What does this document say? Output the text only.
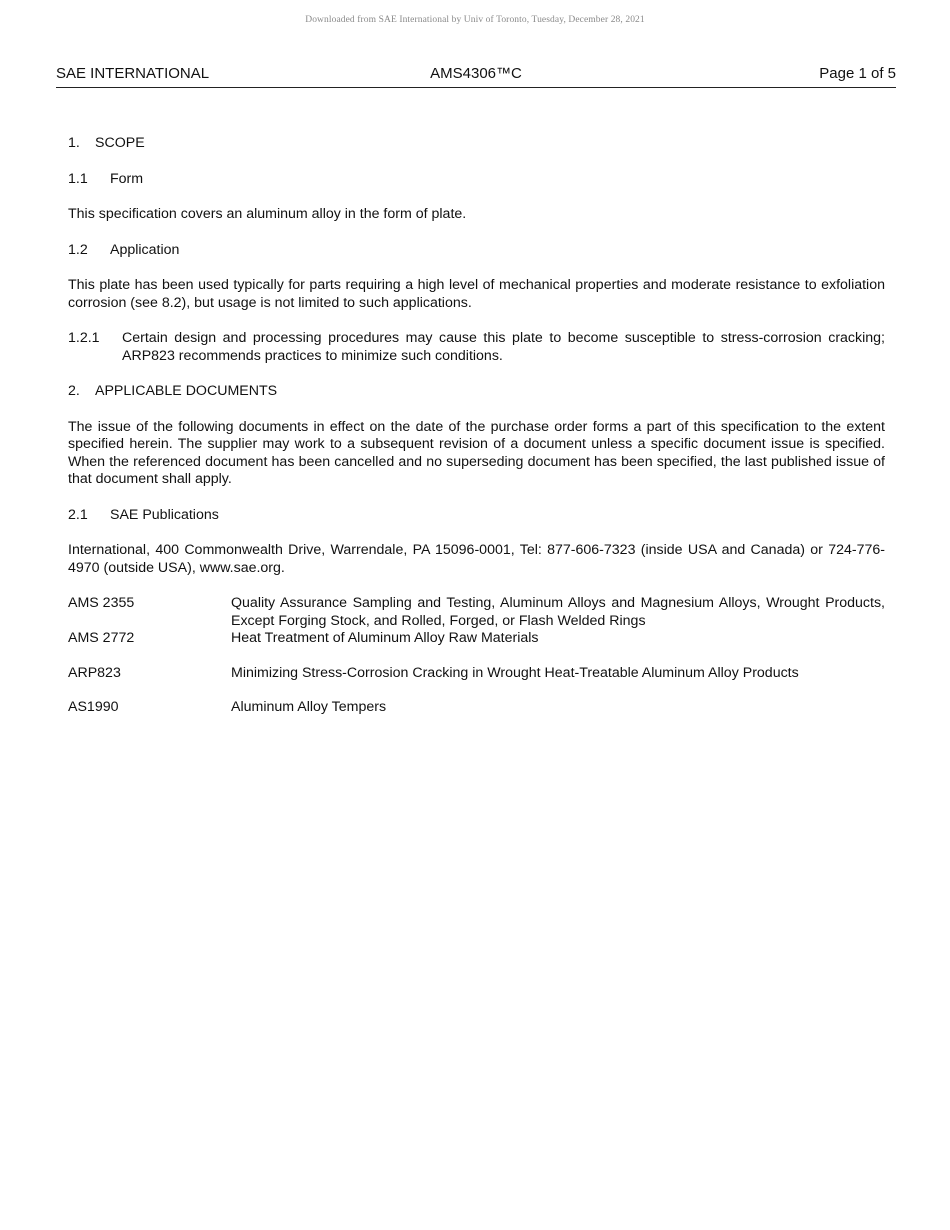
Downloaded from SAE International by Univ of Toronto, Tuesday, December 28, 2021
AMS4306™C
SAE INTERNATIONAL	Page 1 of 5
1.	SCOPE
1.1	Form

This specification covers an aluminum alloy in the form of plate.

1.2	Application

This plate has been used typically for parts requiring a high level of mechanical properties and moderate resistance to exfoliation corrosion (see 8.2), but usage is not limited to such applications.

1.2.1	Certain design and processing procedures may cause this plate to become susceptible to stress-corrosion cracking; ARP823 recommends practices to minimize such conditions.
2.	APPLICABLE DOCUMENTS

The issue of the following documents in effect on the date of the purchase order forms a part of this specification to the extent specified herein. The supplier may work to a subsequent revision of a document unless a specific document issue is specified. When the referenced document has been cancelled and no superseding document has been specified, the last published issue of that document shall apply.

2.1	SAE Publications

International, 400 Commonwealth Drive, Warrendale, PA 15096-0001, Tel: 877-606-7323 (inside USA and Canada) or 724-776-4970 (outside USA), www.sae.org.

AMS 2355	Quality Assurance Sampling and Testing, Aluminum Alloys and Magnesium Alloys, Wrought Products, Except Forging Stock, and Rolled, Forged, or Flash Welded Rings
AMS 2772	Heat Treatment of Aluminum Alloy Raw Materials
ARP823	Minimizing Stress-Corrosion Cracking in Wrought Heat-Treatable Aluminum Alloy Products
AS1990	Aluminum Alloy Tempers
